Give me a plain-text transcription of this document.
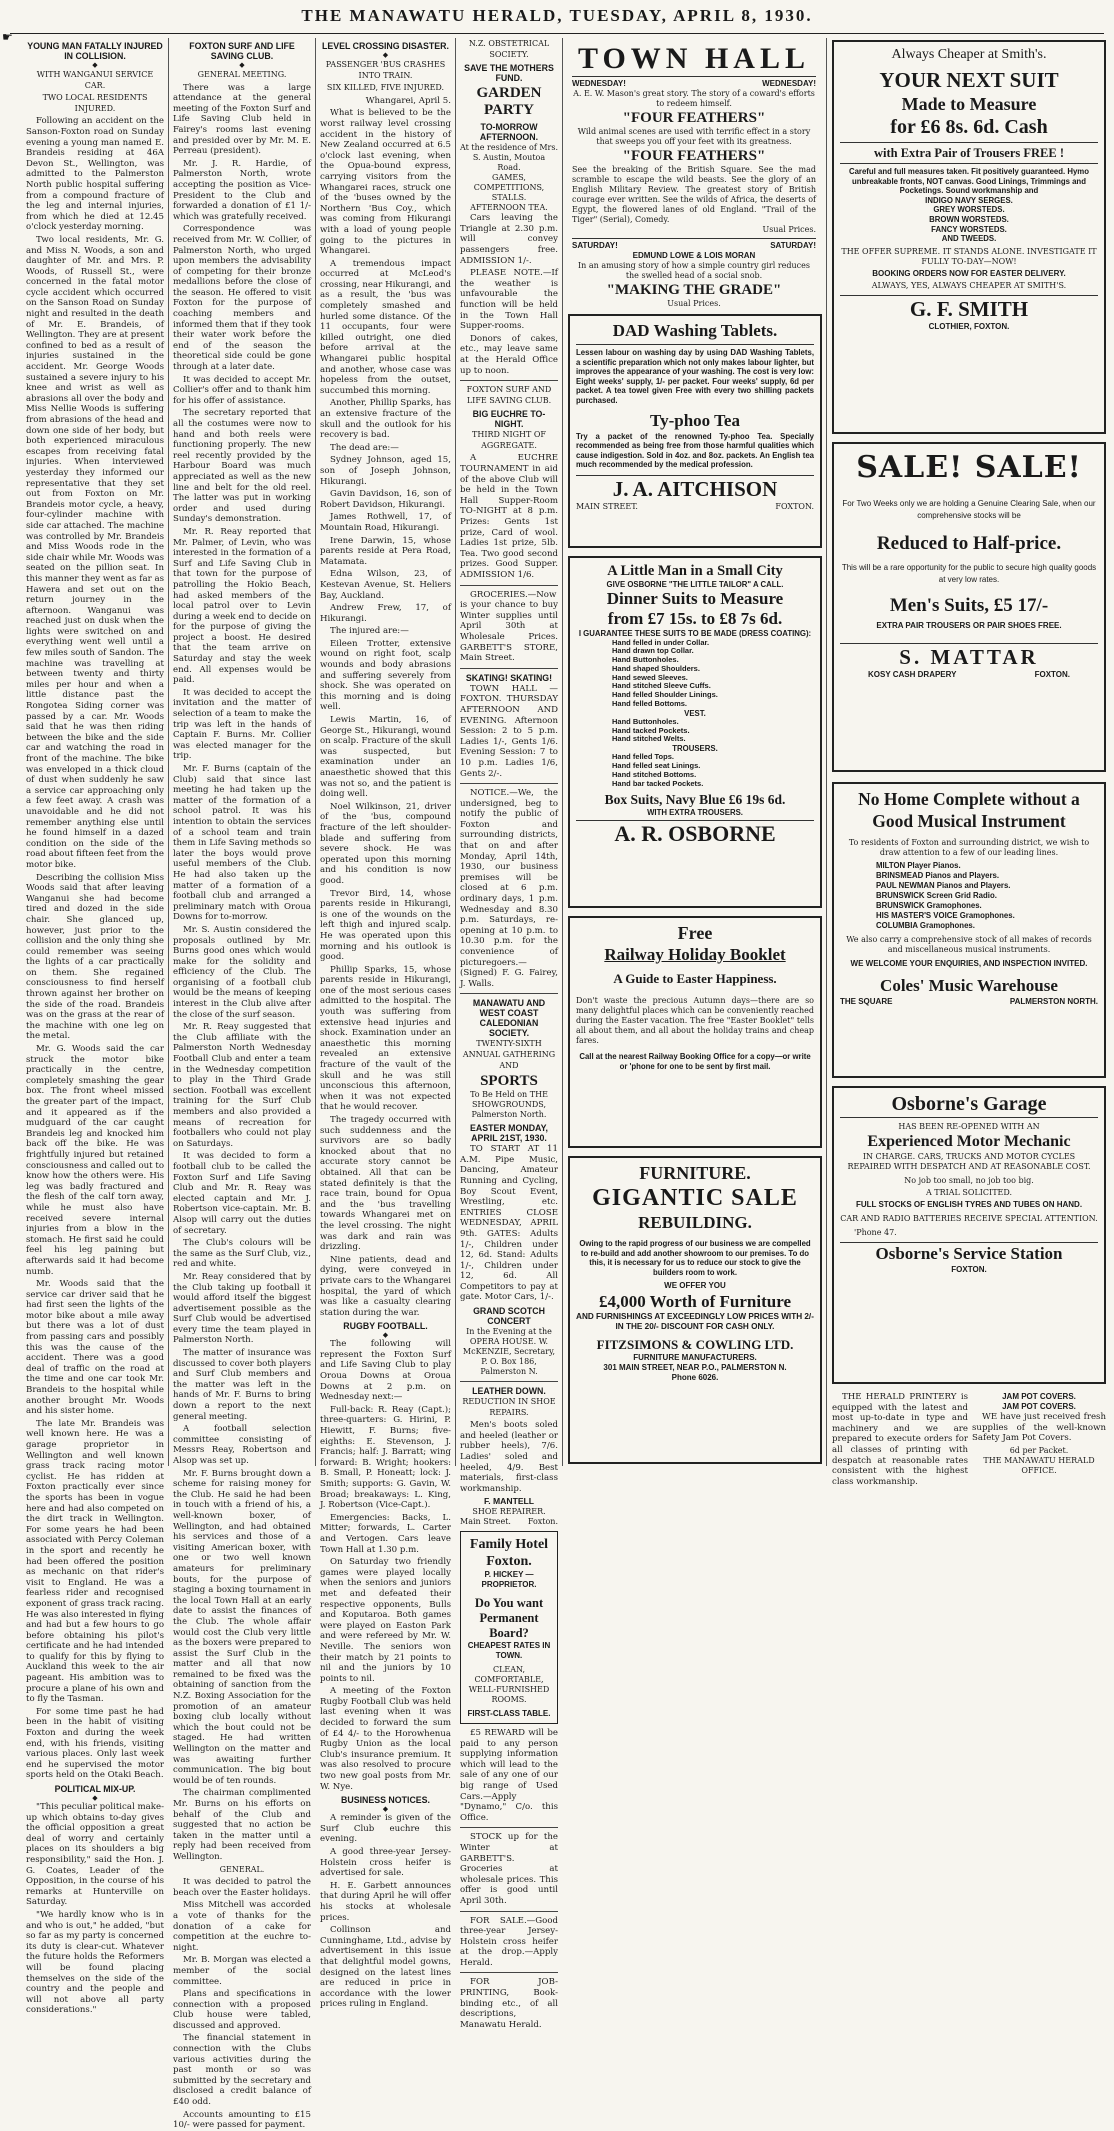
☛
THE MANAWATU HERALD, TUESDAY, APRIL 8, 1930.
YOUNG MAN FATALLY INJURED IN COLLISION.
◆
WITH WANGANUI SERVICE CAR.
TWO LOCAL RESIDENTS INJURED.

Following an accident on the Sanson-Foxton road on Sunday evening a young man named E. Brandeis residing at 46A Devon St., Wellington, was admitted to the Palmerston North public hospital suffering from a compound fracture of the leg and internal injuries, from which he died at 12.45 o'clock yesterday morning.

Two local residents, Mr. G. and Miss N. Woods, a son and daughter of Mr. and Mrs. P. Woods, of Russell St., were concerned in the fatal motor cycle accident which occurred on the Sanson Road on Sunday night and resulted in the death of Mr. E. Brandeis, of Wellington. They are at present confined to bed as a result of injuries sustained in the accident. Mr. George Woods sustained a severe injury to his knee and wrist as well as abrasions all over the body and Miss Nellie Woods is suffering from abrasions of the head and down one side of her body, but both experienced miraculous escapes from receiving fatal injuries. When interviewed yesterday they informed our representative that they set out from Foxton on Mr. Brandeis motor cycle, a heavy, four-cylinder machine with side car attached. The machine was controlled by Mr. Brandeis and Miss Woods rode in the side chair while Mr. Woods was seated on the pillion seat. In this manner they went as far as Hawera and set out on the return journey in the afternoon. Wanganui was reached just on dusk when the lights were switched on and everything went well until a few miles south of Sandon. The machine was travelling at between twenty and thirty miles per hour and when a little distance past the Rongotea Siding corner was passed by a car. Mr. Woods said that he was then riding between the bike and the side car and watching the road in front of the machine. The bike was enveloped in a thick cloud of dust when suddenly he saw a service car approaching only a few feet away. A crash was unavoidable and he did not remember anything else until he found himself in a dazed condition on the side of the road about fifteen feet from the motor bike.

Describing the collision Miss Woods said that after leaving Wanganui she had become tired and dozed in the side chair. She glanced up, however, just prior to the collision and the only thing she could remember was seeing the lights of a car practically on them. She regained consciousness to find herself thrown against her brother on the side of the road. Brandeis was on the grass at the rear of the machine with one leg on the metal.

Mr. G. Woods said the car struck the motor bike practically in the centre, completely smashing the gear box. The front wheel missed the greater part of the impact, and it appeared as if the mudguard of the car caught Brandeis leg and knocked him back off the bike. He was frightfully injured but retained consciousness and called out to know how the others were. His leg was badly fractured and the flesh of the calf torn away, while he must also have received severe internal injuries from a blow in the stomach. He first said he could feel his leg paining but afterwards said it had become numb.

Mr. Woods said that the service car driver said that he had first seen the lights of the motor bike about a mile away but there was a lot of dust from passing cars and possibly this was the cause of the accident. There was a good deal of traffic on the road at the time and one car took Mr. Brandeis to the hospital while another brought Mr. Woods and his sister home.

The late Mr. Brandeis was well known here. He was a garage proprietor in Wellington and well known grass track racing motor cyclist. He has ridden at Foxton practically ever since the sports has been in vogue here and had also competed on the dirt track in Wellington. For some years he had been associated with Percy Coleman in the sport and recently he had been offered the position as mechanic on that rider's visit to England. He was a fearless rider and recognised exponent of grass track racing. He was also interested in flying and had but a few hours to go before obtaining his pilot's certificate and he had intended to qualify for this by flying to Auckland this week to the air pageant. His ambition was to procure a plane of his own and to fly the Tasman.

For some time past he had been in the habit of visiting Foxton and during the week end, with his friends, visiting various places. Only last week end he supervised the motor sports held on the Otaki Beach.

POLITICAL MIX-UP.
◆

"This peculiar political make-up which obtains to-day gives the official opposition a great deal of worry and certainly places on its shoulders a big responsibility," said the Hon. J. G. Coates, Leader of the Opposition, in the course of his remarks at Hunterville on Saturday.

"We hardly know who is in and who is out," he added, "but so far as my party is concerned its duty is clear-cut. Whatever the future holds the Reformers will be found placing themselves on the side of the country and the people and will not above all party considerations."

FOXTON SURF AND LIFE SAVING CLUB.
◆
GENERAL MEETING.

There was a large attendance at the general meeting of the Foxton Surf and Life Saving Club held in Fairey's rooms last evening and presided over by Mr. M. E. Perreau (president).

Mr. J. R. Hardie, of Palmerston North, wrote accepting the position as Vice-President to the Club and forwarded a donation of £1 1/- which was gratefully received.

Correspondence was received from Mr. W. Collier, of Palmerston North, who urged upon members the advisability of competing for their bronze medallions before the close of the season. He offered to visit Foxton for the purpose of coaching members and informed them that if they took their water work before the end of the season the theoretical side could be gone through at a later date.

It was decided to accept Mr. Collier's offer and to thank him for his offer of assistance.

The secretary reported that all the costumes were now to hand and both reels were functioning properly. The new reel recently provided by the Harbour Board was much appreciated as well as the new line and belt for the old reel. The latter was put in working order and used during Sunday's demonstration.

Mr. R. Reay reported that Mr. Palmer, of Levin, who was interested in the formation of a Surf and Life Saving Club in that town for the purpose of patrolling the Hokio Beach, had asked members of the local patrol over to Levin during a week end to decide on for the purpose of giving the project a boost. He desired that the team arrive on Saturday and stay the week end. All expenses would be paid.

It was decided to accept the invitation and the matter of selection of a team to make the trip was left in the hands of Captain F. Burns. Mr. Collier was elected manager for the trip.

Mr. F. Burns (captain of the Club) said that since last meeting he had taken up the matter of the formation of a school patrol. It was his intention to obtain the services of a school team and train them in Life Saving methods so later the boys would prove useful members of the Club. He had also taken up the matter of a formation of a football club and arranged a preliminary match with Oroua Downs for to-morrow.

Mr. S. Austin considered the proposals outlined by Mr. Burns good ones which would make for the solidity and efficiency of the Club. The organising of a football club would be the means of keeping interest in the Club alive after the close of the surf season.

Mr. R. Reay suggested that the Club affiliate with the Palmerston North Wednesday Football Club and enter a team in the Wednesday competition to play in the Third Grade section. Football was excellent training for the Surf Club members and also provided a means of recreation for footballers who could not play on Saturdays.

It was decided to form a football club to be called the Foxton Surf and Life Saving Club and Mr. R. Reay was elected captain and Mr. J. Robertson vice-captain. Mr. B. Alsop will carry out the duties of secretary.

The Club's colours will be the same as the Surf Club, viz., red and white.

Mr. Reay considered that by the Club taking up football it would afford itself the biggest advertisement possible as the Surf Club would be advertised every time the team played in Palmerston North.

The matter of insurance was discussed to cover both players and Surf Club members and the matter was left in the hands of Mr. F. Burns to bring down a report to the next general meeting.

A football selection committee consisting of Messrs Reay, Robertson and Alsop was set up.

Mr. F. Burns brought down a scheme for raising money for the Club. He said he had been in touch with a friend of his, a well-known boxer, of Wellington, and had obtained his services and those of a visiting American boxer, with one or two well known amateurs for preliminary bouts, for the purpose of staging a boxing tournament in the local Town Hall at an early date to assist the finances of the Club. The whole affair would cost the Club very little as the boxers were prepared to assist the Surf Club in the matter and all that now remained to be fixed was the obtaining of sanction from the N.Z. Boxing Association for the promotion of an amateur boxing club locally without which the bout could not be staged. He had written Wellington on the matter and was awaiting further communication. The big bout would be of ten rounds.

The chairman complimented Mr. Burns on his efforts on behalf of the Club and suggested that no action be taken in the matter until a reply had been received from Wellington.

GENERAL.

It was decided to patrol the beach over the Easter holidays.

Miss Mitchell was accorded a vote of thanks for the donation of a cake for competition at the euchre to-night.

Mr. B. Morgan was elected a member of the social committee.

Plans and specifications in connection with a proposed Club house were tabled, discussed and approved.

The financial statement in connection with the Clubs various activities during the past month or so was submitted by the secretary and disclosed a credit balance of £40 odd.

Accounts amounting to £15 10/- were passed for payment.

LEVEL CROSSING DISASTER.
◆
PASSENGER 'BUS CRASHES INTO TRAIN.
SIX KILLED, FIVE INJURED.

Whangarei, April 5.

What is believed to be the worst railway level crossing accident in the history of New Zealand occurred at 6.5 o'clock last evening, when the Opua-bound express, carrying visitors from the Whangarei races, struck one of the 'buses owned by the Northern 'Bus Coy., which was coming from Hikurangi with a load of young people going to the pictures in Whangarei.

A tremendous impact occurred at McLeod's crossing, near Hikurangi, and as a result, the 'bus was completely smashed and hurled some distance. Of the 11 occupants, four were killed outright, one died before arrival at the Whangarei public hospital and another, whose case was hopeless from the outset, succumbed this morning.

Another, Phillip Sparks, has an extensive fracture of the skull and the outlook for his recovery is bad.

The dead are:—

Sydney Johnson, aged 15, son of Joseph Johnson, Hikurangi.

Gavin Davidson, 16, son of Robert Davidson, Hikurangi.

James Rothwell, 17, of Mountain Road, Hikurangi.

Irene Darwin, 15, whose parents reside at Pera Road, Matamata.

Edna Wilson, 23, of Kestevan Avenue, St. Heliers Bay, Auckland.

Andrew Frew, 17, of Hikurangi.

The injured are:—

Eileen Trotter, extensive wound on right foot, scalp wounds and body abrasions and suffering severely from shock. She was operated on this morning and is doing well.

Lewis Martin, 16, of George St., Hikurangi, wound on scalp. Fracture of the skull was suspected, but examination under an anaesthetic showed that this was not so, and the patient is doing well.

Noel Wilkinson, 21, driver of the 'bus, compound fracture of the left shoulder-blade and suffering from severe shock. He was operated upon this morning and his condition is now good.

Trevor Bird, 14, whose parents reside in Hikurangi, is one of the wounds on the left thigh and injured scalp. He was operated upon this morning and his outlook is good.

Phillip Sparks, 15, whose parents reside in Hikurangi, one of the most serious cases admitted to the hospital. The youth was suffering from extensive head injuries and shock. Examination under an anaesthetic this morning revealed an extensive fracture of the vault of the skull and he was still unconscious this afternoon, when it was not expected that he would recover.

The tragedy occurred with such suddenness and the survivors are so badly knocked about that no accurate story cannot be obtained. All that can be stated definitely is that the race train, bound for Opua and the 'bus travelling towards Whangarei met on the level crossing. The night was dark and rain was drizzling.

Nine patients, dead and dying, were conveyed in private cars to the Whangarei hospital, the yard of which was like a casualty clearing station during the war.

RUGBY FOOTBALL.
◆

The following will represent the Foxton Surf and Life Saving Club to play Oroua Downs at Oroua Downs at 2 p.m. on Wednesday next:—

Full-back: R. Reay (Capt.); three-quarters: G. Hirini, P. Hiewitt, F. Burns; five-eighths: E. Stevenson, J. Francis; half: J. Barratt; wing forward: B. Wright; hookers: B. Small, P. Honeatt; lock: J. Smith; supports: G. Gavin, W. Broad; breakaways: L. King, J. Robertson (Vice-Capt.).

Emergencies: Backs, L. Mitter; forwards, L. Carter and Vertogen. Cars leave Town Hall at 1.30 p.m.

On Saturday two friendly games were played locally when the seniors and juniors met and defeated their respective opponents, Bulls and Koputaroa. Both games were played on Easton Park and were refereed by Mr. W. Neville. The seniors won their match by 21 points to nil and the juniors by 10 points to nil.

A meeting of the Foxton Rugby Football Club was held last evening when it was decided to forward the sum of £4 4/- to the Horowhenua Rugby Union as the local Club's insurance premium. It was also resolved to procure two new goal posts from Mr. W. Nye.

BUSINESS NOTICES.
◆

A reminder is given of the Surf Club euchre this evening.

A good three-year Jersey-Holstein cross heifer is advertised for sale.

H. E. Garbett announces that during April he will offer his stocks at wholesale prices.

Collinson and Cunninghame, Ltd., advise by advertisement in this issue that delightful model gowns, designed on the latest lines are reduced in price in accordance with the lower prices ruling in England.

N.Z. OBSTETRICAL SOCIETY.
SAVE THE MOTHERS FUND.
GARDEN PARTY
TO-MORROW AFTERNOON.
At the residence of Mrs. S. Austin, Moutoa Road.
GAMES, COMPETITIONS, STALLS.
AFTERNOON TEA.

Cars leaving the Triangle at 2.30 p.m. will convey passengers free. ADMISSION 1/-.

PLEASE NOTE.—If the weather is unfavourable the function will be held in the Town Hall Supper-rooms.

Donors of cakes, etc., may leave same at the Herald Office up to noon.

FOXTON SURF AND LIFE SAVING CLUB.
BIG EUCHRE TO-NIGHT.
THIRD NIGHT OF AGGREGATE.

A EUCHRE TOURNAMENT in aid of the above Club will be held in the Town Hall Supper-Room TO-NIGHT at 8 p.m. Prizes: Gents 1st prize, Card of wool. Ladies 1st prize, 5lb. Tea. Two good second prizes. Good Supper. ADMISSION 1/6.

GROCERIES.—Now is your chance to buy Winter supplies until April 30th at Wholesale Prices. GARBETT'S STORE, Main Street.

SKATING! SKATING!

TOWN HALL — FOXTON. THURSDAY AFTERNOON AND EVENING. Afternoon Session: 2 to 5 p.m. Ladies 1/-, Gents 1/6. Evening Session: 7 to 10 p.m. Ladies 1/6, Gents 2/-.

NOTICE.—We, the undersigned, beg to notify the public of Foxton and surrounding districts, that on and after Monday, April 14th, 1930, our business premises will be closed at 6 p.m. ordinary days, 1 p.m. Wednesday and 8.30 p.m. Saturdays, re-opening at 10 p.m. to 10.30 p.m. for the convenience of picturegoers.—(Signed) F. G. Fairey, J. Walls.

MANAWATU AND WEST COAST CALEDONIAN SOCIETY.
TWENTY-SIXTH ANNUAL GATHERING AND
SPORTS
To Be Held on THE SHOWGROUNDS, Palmerston North.
EASTER MONDAY, APRIL 21ST, 1930.

TO START AT 11 A.M. Pipe Music, Dancing, Amateur Running and Cycling, Boy Scout Event, Wrestling, etc. ENTRIES CLOSE WEDNESDAY, APRIL 9th. GATES: Adults 1/-, Children under 12, 6d. Stand: Adults 1/-, Children under 12, 6d. All Competitors to pay at gate. Motor Cars, 1/-.

GRAND SCOTCH CONCERT
In the Evening at the OPERA HOUSE. W. McKENZIE, Secretary, P. O. Box 186, Palmerston N.
LEATHER DOWN.
REDUCTION IN SHOE REPAIRS.

Men's boots soled and heeled (leather or rubber heels), 7/6. Ladies' soled and heeled, 4/9. Best materials, first-class workmanship.

F. MANTELL
SHOE REPAIRER.
Main Street. Foxton.
Family Hotel Foxton.
P. HICKEY — PROPRIETOR.
Do You want Permanent Board?
CHEAPEST RATES IN TOWN.
CLEAN, COMFORTABLE, WELL-FURNISHED ROOMS.
FIRST-CLASS TABLE.

£5 REWARD will be paid to any person supplying information which will lead to the sale of any one of our big range of Used Cars.—Apply "Dynamo," C/o. this Office.

STOCK up for the Winter at GARBETT'S. Groceries at wholesale prices. This offer is good until April 30th.

FOR SALE.—Good three-year Jersey-Holstein cross heifer at the drop.—Apply Herald.

FOR JOB-PRINTING, Book-binding etc., of all descriptions, Manawatu Herald.

TOWN HALL
WEDNESDAY!	WEDNESDAY!
A. E. W. Mason's great story. The story of a coward's efforts to redeem himself.
"FOUR FEATHERS"
Wild animal scenes are used with terrific effect in a story that sweeps you off your feet with its greatness.
"FOUR FEATHERS"
See the breaking of the British Square. See the mad scramble to escape the wild beasts. See the glory of an English Military Review. The greatest story of British courage ever written. See the wilds of Africa, the deserts of Egypt, the flowered lanes of old England. "Trail of the Tiger" (Serial), Comedy.
Usual Prices.
SATURDAY!	SATURDAY!
EDMUND LOWE & LOIS MORAN
In an amusing story of how a simple country girl reduces the swelled head of a social snob.
"MAKING THE GRADE"
Usual Prices.
DAD Washing Tablets.
Lessen labour on washing day by using DAD Washing Tablets, a scientific preparation which not only makes labour lighter, but improves the appearance of your washing. The cost is very low: Eight weeks' supply, 1/- per packet. Four weeks' supply, 6d per packet. A tea towel given Free with every two shilling packets purchased.
Ty-phoo Tea
Try a packet of the renowned Ty-phoo Tea. Specially recommended as being free from those harmful qualities which cause indigestion. Sold in 4oz. and 8oz. packets. An English tea much recommended by the medical profession.
J. A. AITCHISON
MAIN STREET.	FOXTON.
A Little Man in a Small City
GIVE OSBORNE "THE LITTLE TAILOR" A CALL.
Dinner Suits to Measure
from £7 15s. to £8 7s 6d.
I GUARANTEE THESE SUITS TO BE MADE (DRESS COATING):
Hand felled in under Collar.
Hand drawn top Collar.
Hand Buttonholes.
Hand shaped Shoulders.
Hand sewed Sleeves.
Hand stitched Sleeve Cuffs.
Hand felled Shoulder Linings.
Hand felled Bottoms.
VEST.
Hand Buttonholes.
Hand tacked Pockets.
Hand stitched Welts.
TROUSERS.
Hand felled Tops.
Hand felled seat Linings.
Hand stitched Bottoms.
Hand bar tacked Pockets.
Box Suits, Navy Blue £6 19s 6d.
WITH EXTRA TROUSERS.
A. R. OSBORNE
Free
Railway Holiday Booklet
A Guide to Easter Happiness.
Don't waste the precious Autumn days—there are so many delightful places which can be conveniently reached during the Easter vacation. The free "Easter Booklet" tells all about them, and all about the holiday trains and cheap fares.
Call at the nearest Railway Booking Office for a copy—or write or 'phone for one to be sent by first mail.
FURNITURE.
GIGANTIC SALE
REBUILDING.
Owing to the rapid progress of our business we are compelled to re-build and add another showroom to our premises. To do this, it is necessary for us to reduce our stock to give the builders room to work.
WE OFFER YOU
£4,000 Worth of Furniture
AND FURNISHINGS AT EXCEEDINGLY LOW PRICES WITH 2/- IN THE 20/- DISCOUNT FOR CASH ONLY.
FITZSIMONS & COWLING LTD.
FURNITURE MANUFACTURERS.
301 MAIN STREET, NEAR P.O., PALMERSTON N.
Phone 6026.
Always Cheaper at Smith's.
YOUR NEXT SUIT
Made to Measure
for £6 8s. 6d. Cash
with Extra Pair of Trousers FREE !
Careful and full measures taken. Fit positively guaranteed. Hymo unbreakable fronts, NOT canvas. Good Linings, Trimmings and Pocketings. Sound workmanship and
INDIGO NAVY SERGES.
GREY WORSTEDS.
BROWN WORSTEDS.
FANCY WORSTEDS.
AND TWEEDS.
THE OFFER SUPREME. IT STANDS ALONE. INVESTIGATE IT FULLY TO-DAY—NOW!
BOOKING ORDERS NOW FOR EASTER DELIVERY.
ALWAYS, YES, ALWAYS CHEAPER AT SMITH'S.
G. F. SMITH
CLOTHIER, FOXTON.
SALE! SALE!
For Two Weeks only we are holding a Genuine Clearing Sale, when our comprehensive stocks will be
Reduced to Half-price.
This will be a rare opportunity for the public to secure high quality goods at very low rates.
Men's Suits, £5 17/-
EXTRA PAIR TROUSERS OR PAIR SHOES FREE.
S. MATTAR
KOSY CASH DRAPERY	FOXTON.
No Home Complete without a Good Musical Instrument
To residents of Foxton and surrounding district, we wish to draw attention to a few of our leading lines.
MILTON Player Pianos.
BRINSMEAD Pianos and Players.
PAUL NEWMAN Pianos and Players.
BRUNSWICK Screen Grid Radio.
BRUNSWICK Gramophones.
HIS MASTER'S VOICE Gramophones.
COLUMBIA Gramophones.
We also carry a comprehensive stock of all makes of records and miscellaneous musical instruments.
WE WELCOME YOUR ENQUIRIES, AND INSPECTION INVITED.
Coles' Music Warehouse
THE SQUARE	PALMERSTON NORTH.
Osborne's Garage
HAS BEEN RE-OPENED WITH AN
Experienced Motor Mechanic
IN CHARGE. CARS, TRUCKS AND MOTOR CYCLES REPAIRED WITH DESPATCH AND AT REASONABLE COST.
No job too small, no job too big.
A TRIAL SOLICITED.
FULL STOCKS OF ENGLISH TYRES AND TUBES ON HAND.
CAR AND RADIO BATTERIES RECEIVE SPECIAL ATTENTION.
'Phone 47.
Osborne's Service Station
FOXTON.

THE HERALD PRINTERY is equipped with the latest and most up-to-date in type and machinery and we are prepared to execute orders for all classes of printing with despatch at reasonable rates consistent with the highest class workmanship.

JAM POT COVERS.
JAM POT COVERS.

WE have just received fresh supplies of the well-known Safety Jam Pot Covers.

6d per Packet.
THE MANAWATU HERALD OFFICE.
